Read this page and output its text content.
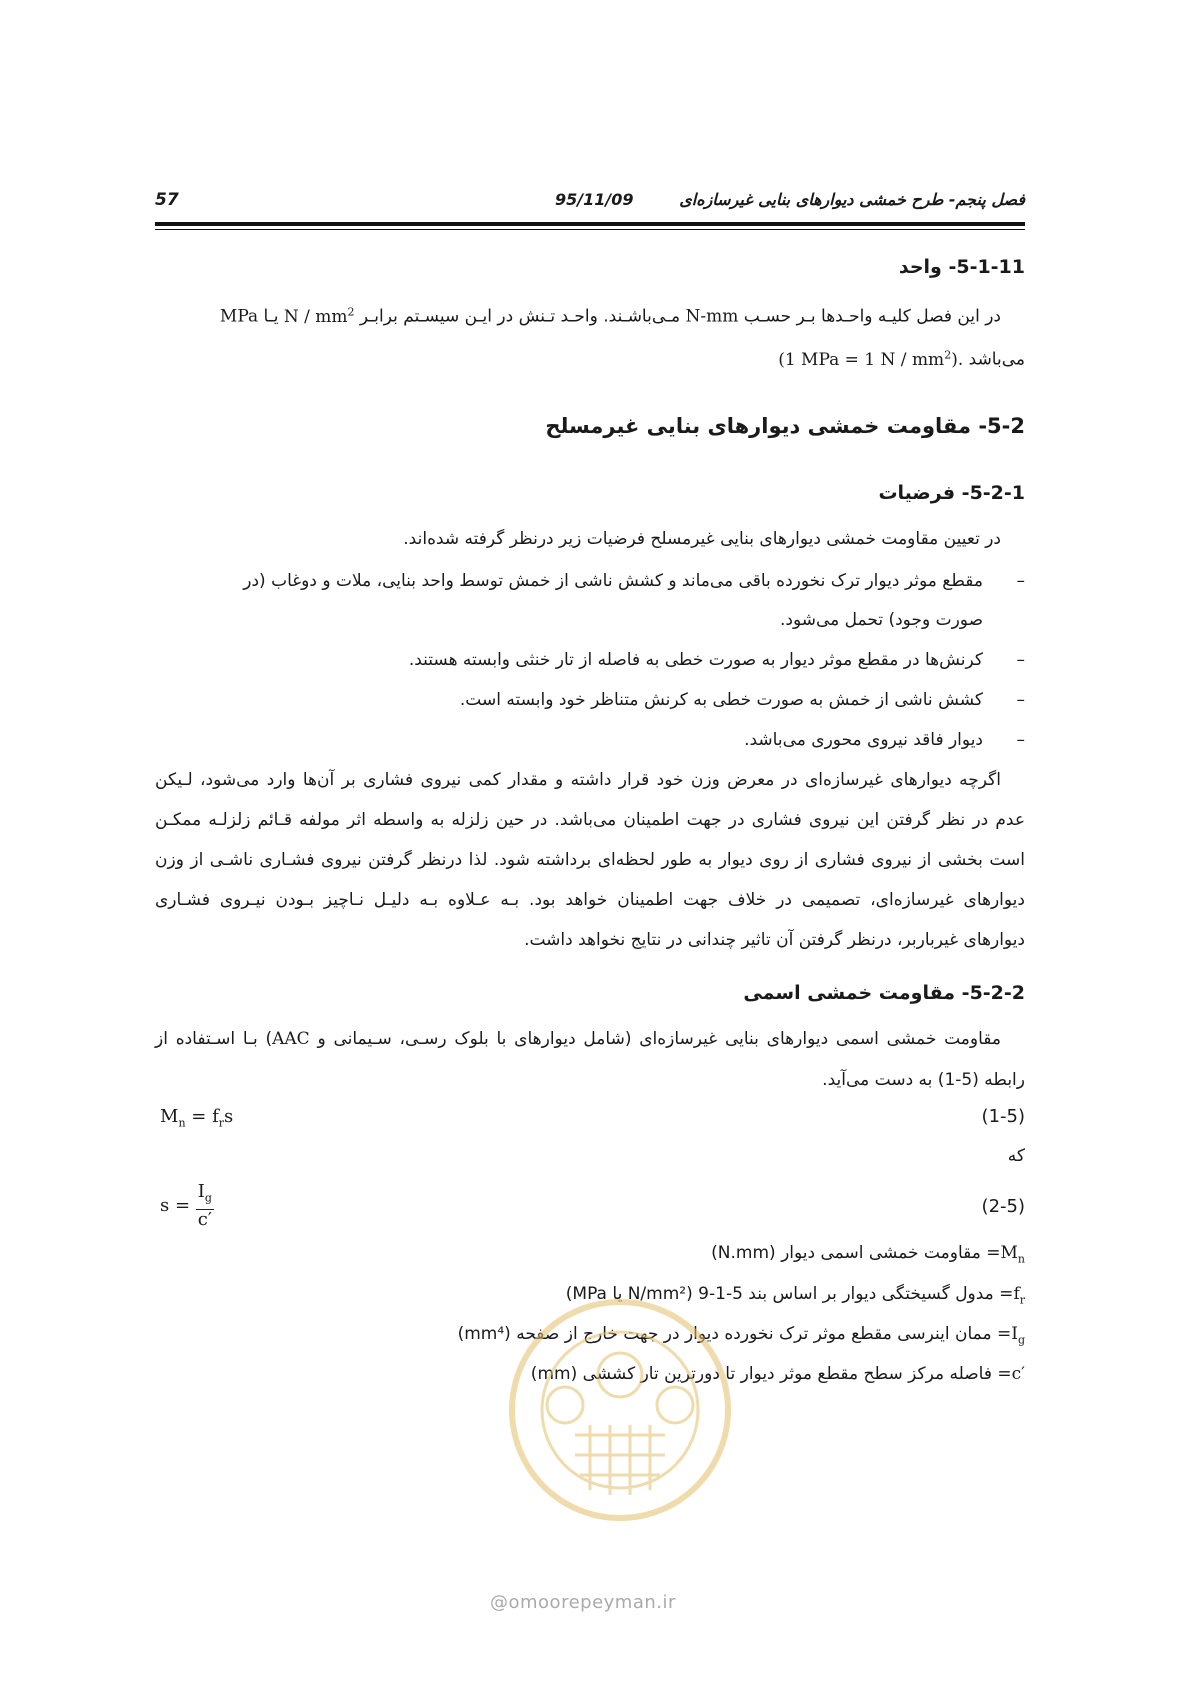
57	95/11/09	فصل پنجم- طرح خمشی دیوارهای بنایی غیرسازه‌ای
5-1-11- واحد
در این فصل کلیـه واحـدها بـر حسـب N-mm مـی‌باشـند. واحـد تـنش در ایـن سیسـتم برابـر N / $mm^2$ یـا MPa
می‌باشد (1 MPa = 1 N / $mm^2$).
5-2- مقاومت خمشی دیوارهای بنایی غیرمسلح
5-2-1- فرضیات
در تعیین مقاومت خمشی دیوارهای بنایی غیرمسلح فرضیات زیر درنظر گرفته شده‌اند.
–مقطع موثر دیوار ترک نخورده باقی می‌ماند و کشش ناشی از خمش توسط واحد بنایی، ملات و دوغاب (در
صورت وجود) تحمل می‌شود.
–کرنش‌ها در مقطع موثر دیوار به صورت خطی به فاصله از تار خنثی وابسته هستند.
–کشش ناشی از خمش به صورت خطی به کرنش متناظر خود وابسته است.
–دیوار فاقد نیروی محوری می‌باشد.
اگرچه دیوارهای غیرسازه‌ای در معرض وزن خود قرار داشته و مقدار کمی نیروی فشاری بر آن‌ها وارد می‌شود، لـیکن
عدم در نظر گرفتن این نیروی فشاری در جهت اطمینان می‌باشد. در حین زلزله به واسطه اثر مولفه قـائم زلزلـه ممکـن
است بخشی از نیروی فشاری از روی دیوار به طور لحظه‌ای برداشته شود. لذا درنظر گرفتن نیروی فشـاری ناشـی از وزن
دیوارهای غیرسازه‌ای، تصمیمی در خلاف جهت اطمینان خواهد بود. بـه عـلاوه بـه دلیـل نـاچیز بـودن نیـروی فشـاری
دیوارهای غیرباربر، درنظر گرفتن آن تاثیر چندانی در نتایج نخواهد داشت.
5-2-2- مقاومت خمشی اسمی
مقاومت خمشی اسمی دیوارهای بنایی غیرسازه‌ای (شامل دیوارهای با بلوک رسـی، سـیمانی و AAC) بـا اسـتفاده از
رابطه (5-1) به دست می‌آید.
$M_n = f_rs$	(1-5)
که
$s = \frac{I_g}{c'}$	(2-5)
$M_n=$ مقاومت خمشی اسمی دیوار (N.mm)
$f_r=$ مدول گسیختگی دیوار بر اساس بند 5-1-9 (N/mm² یا MPa)
$I_g=$ ممان اینرسی مقطع موثر ترک نخورده دیوار در جهت خارج از صفحه (mm⁴)
c′= فاصله مرکز سطح مقطع موثر دیوار تا دورترین تار کششی (mm)
@omoorepeyman.ir
